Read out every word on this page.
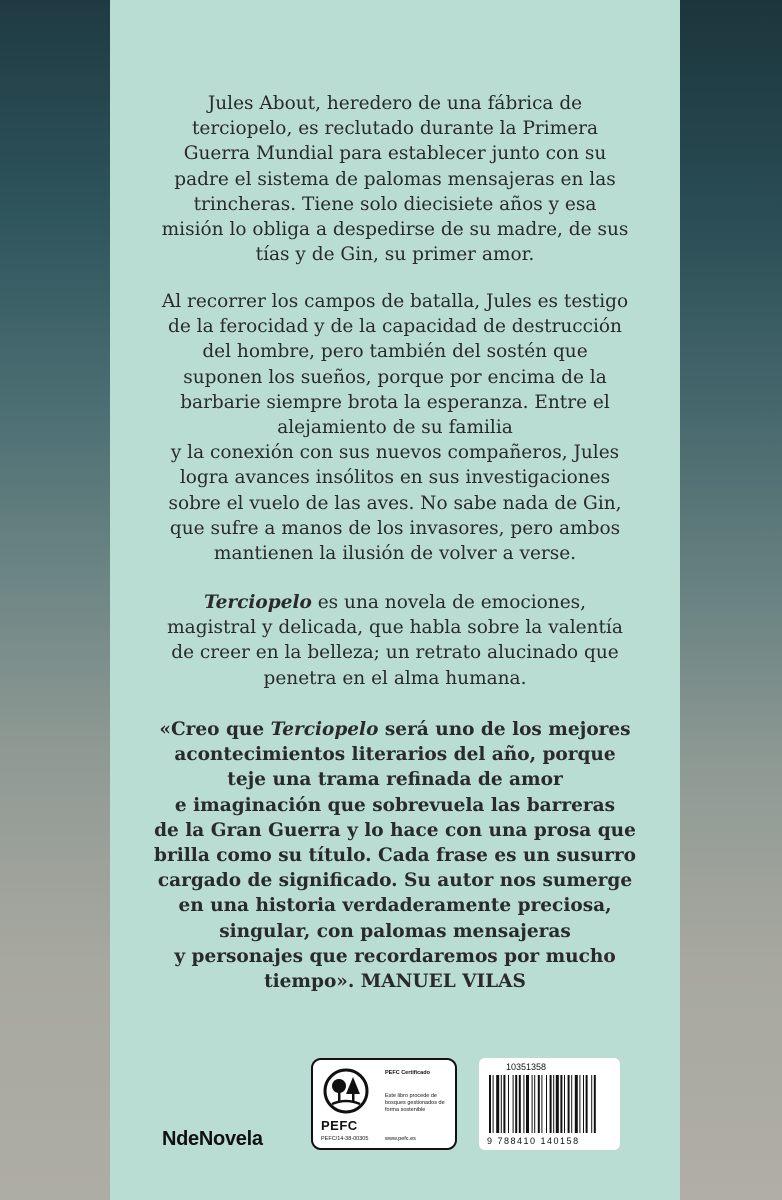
Jules About, heredero de una fábrica de
terciopelo, es reclutado durante la Primera
Guerra Mundial para establecer junto con su
padre el sistema de palomas mensajeras en las
trincheras. Tiene solo diecisiete años y esa
misión lo obliga a despedirse de su madre, de sus
tías y de Gin, su primer amor.

Al recorrer los campos de batalla, Jules es testigo
de la ferocidad y de la capacidad de destrucción
del hombre, pero también del sostén que
suponen los sueños, porque por encima de la
barbarie siempre brota la esperanza. Entre el
alejamiento de su familia
y la conexión con sus nuevos compañeros, Jules
logra avances insólitos en sus investigaciones
sobre el vuelo de las aves. No sabe nada de Gin,
que sufre a manos de los invasores, pero ambos
mantienen la ilusión de volver a verse.

Terciopelo es una novela de emociones,
magistral y delicada, que habla sobre la valentía
de creer en la belleza; un retrato alucinado que
penetra en el alma humana.

«Creo que Terciopelo será uno de los mejores
acontecimientos literarios del año, porque
teje una trama refinada de amor
e imaginación que sobrevuela las barreras
de la Gran Guerra y lo hace con una prosa que
brilla como su título. Cada frase es un susurro
cargado de significado. Su autor nos sumerge
en una historia verdaderamente preciosa,
singular, con palomas mensajeras
y personajes que recordaremos por mucho
tiempo». MANUEL VILAS

NdeNovela
PEFC
PEFC/14-38-00305
PEFC Certificado
Este libro procede de bosques gestionados de forma sostenible
www.pefc.es
10351358
9 788410 140158
